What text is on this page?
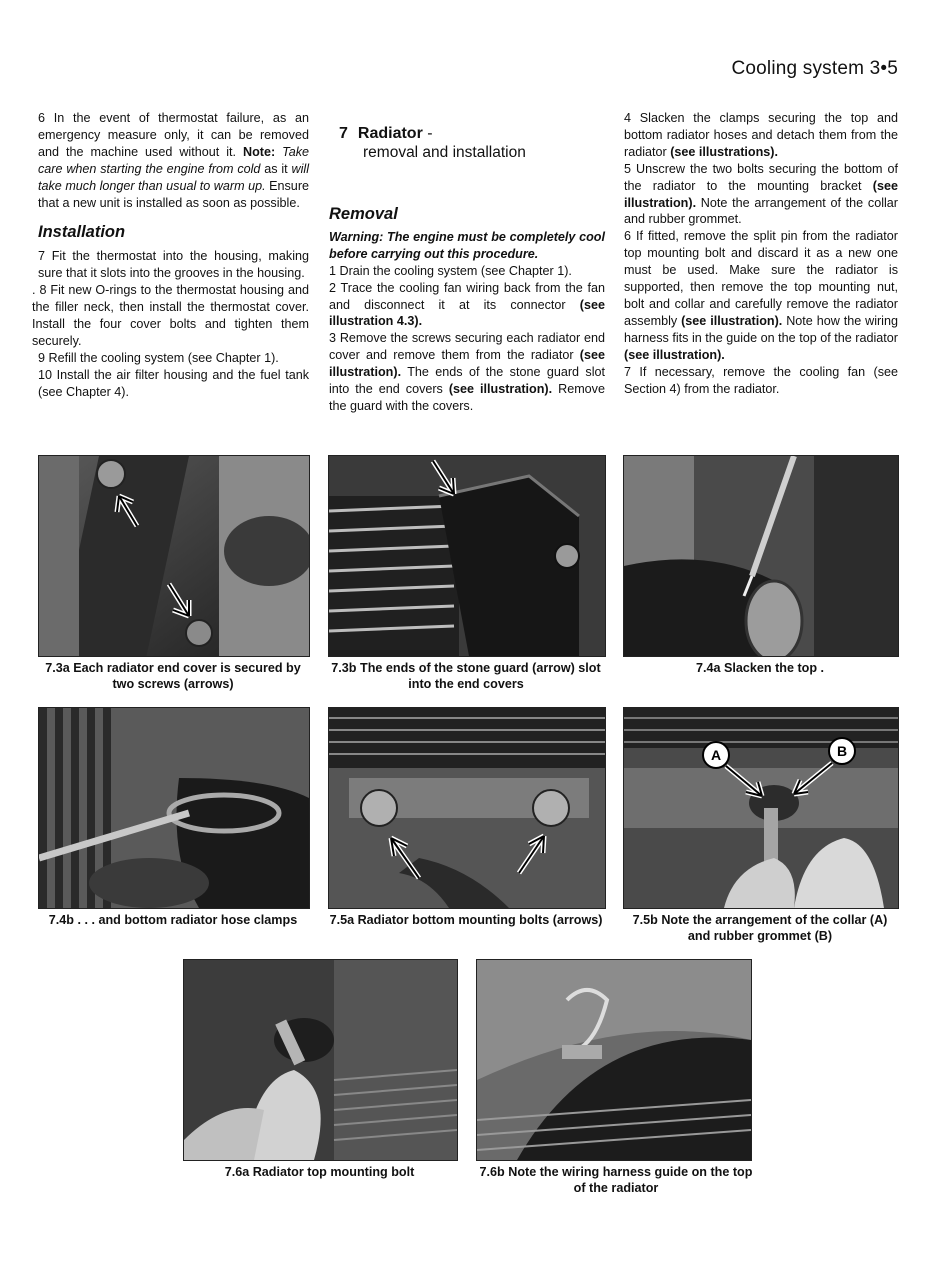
Cooling system 3•5

6 In the event of thermostat failure, as an emergency measure only, it can be removed and the machine used without it. Note: Take care when starting the engine from cold as it will take much longer than usual to warm up. Ensure that a new unit is installed as soon as possible.

Installation

7 Fit the thermostat into the housing, making sure that it slots into the grooves in the housing.

. 8 Fit new O-rings to the thermostat housing and the filler neck, then install the thermostat cover. Install the four cover bolts and tighten them securely.

9 Refill the cooling system (see Chapter 1).

10 Install the air filter housing and the fuel tank (see Chapter 4).

7 Radiator -
removal and installation
Removal

Warning: The engine must be completely cool before carrying out this procedure.

1 Drain the cooling system (see Chapter 1).

2 Trace the cooling fan wiring back from the fan and disconnect it at its connector (see illustration 4.3).

3 Remove the screws securing each radiator end cover and remove them from the radiator (see illustration). The ends of the stone guard slot into the end covers (see illustration). Remove the guard with the covers.

4 Slacken the clamps securing the top and bottom radiator hoses and detach them from the radiator (see illustrations).

5 Unscrew the two bolts securing the bottom of the radiator to the mounting bracket (see illustration). Note the arrangement of the collar and rubber grommet.

6 If fitted, remove the split pin from the radiator top mounting bolt and discard it as a new one must be used. Make sure the radiator is supported, then remove the top mounting nut, bolt and collar and carefully remove the radiator assembly (see illustration). Note how the wiring harness fits in the guide on the top of the radiator (see illustration).

7 If necessary, remove the cooling fan (see Section 4) from the radiator.

7.3a Each radiator end cover is secured by two screws (arrows)
7.3b The ends of the stone guard (arrow) slot into the end covers
7.4a Slacken the top .
7.4b . . . and bottom radiator hose clamps	7.5a Radiator bottom mounting bolts (arrows)
A	B
7.5b Note the arrangement of the collar (A) and rubber grommet (B)
7.6a Radiator top mounting bolt	7.6b Note the wiring harness guide on the top of the radiator
